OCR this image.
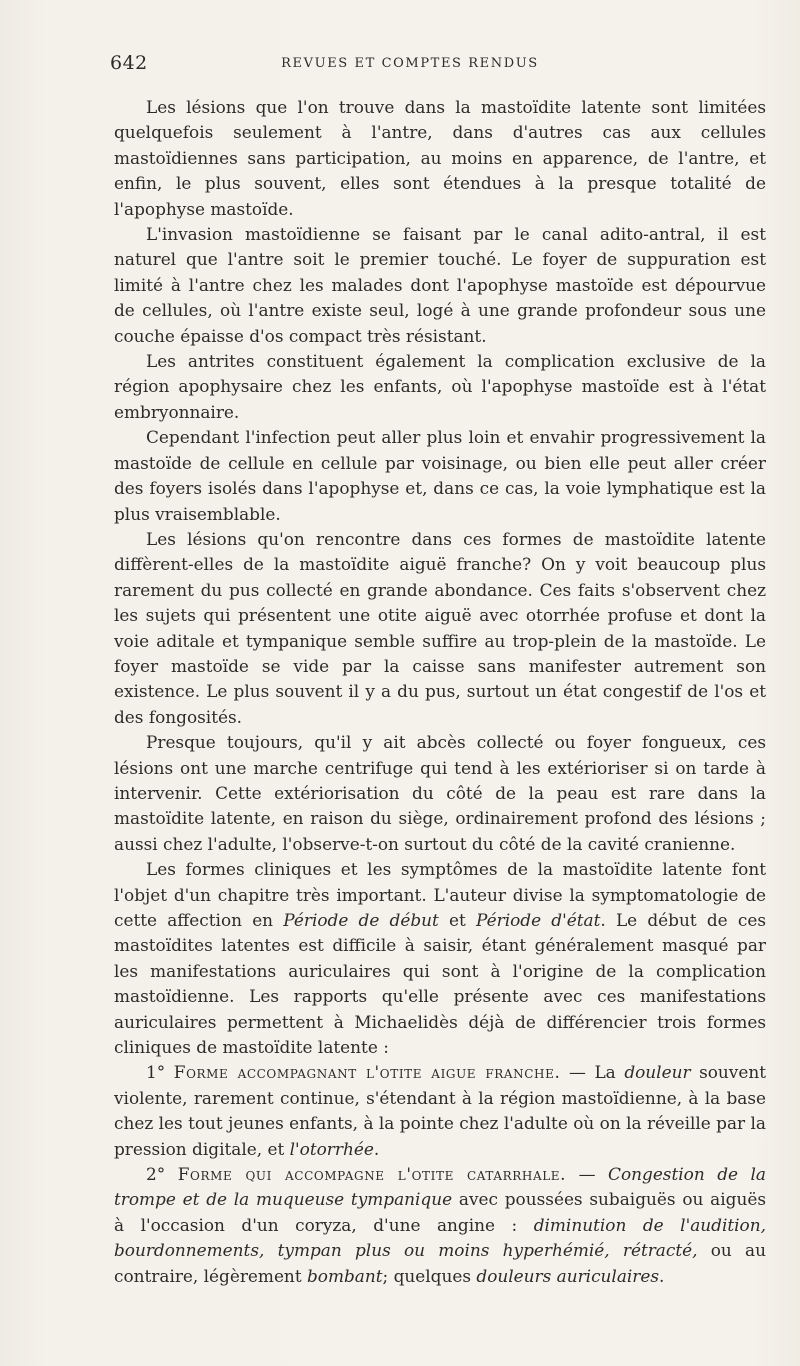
642	REVUES ET COMPTES RENDUS

Les lésions que l'on trouve dans la mastoïdite latente sont limitées quelquefois seulement à l'antre, dans d'autres cas aux cellules mastoïdiennes sans participation, au moins en apparence, de l'antre, et enfin, le plus souvent, elles sont étendues à la presque totalité de l'apophyse mastoïde.

L'invasion mastoïdienne se faisant par le canal adito-antral, il est naturel que l'antre soit le premier touché. Le foyer de suppuration est limité à l'antre chez les malades dont l'apophyse mastoïde est dépourvue de cellules, où l'antre existe seul, logé à une grande profondeur sous une couche épaisse d'os compact très résistant.

Les antrites constituent également la complication exclusive de la région apophysaire chez les enfants, où l'apophyse mastoïde est à l'état embryonnaire.

Cependant l'infection peut aller plus loin et envahir progressivement la mastoïde de cellule en cellule par voisinage, ou bien elle peut aller créer des foyers isolés dans l'apophyse et, dans ce cas, la voie lymphatique est la plus vraisemblable.

Les lésions qu'on rencontre dans ces formes de mastoïdite latente diffèrent-elles de la mastoïdite aiguë franche? On y voit beaucoup plus rarement du pus collecté en grande abondance. Ces faits s'observent chez les sujets qui présentent une otite aiguë avec otorrhée profuse et dont la voie aditale et tympanique semble suffire au trop-plein de la mastoïde. Le foyer mastoïde se vide par la caisse sans manifester autrement son existence. Le plus souvent il y a du pus, surtout un état congestif de l'os et des fongosités.

Presque toujours, qu'il y ait abcès collecté ou foyer fongueux, ces lésions ont une marche centrifuge qui tend à les extérioriser si on tarde à intervenir. Cette extériorisation du côté de la peau est rare dans la mastoïdite latente, en raison du siège, ordinairement profond des lésions ; aussi chez l'adulte, l'observe-t-on surtout du côté de la cavité cranienne.

Les formes cliniques et les symptômes de la mastoïdite latente font l'objet d'un chapitre très important. L'auteur divise la symptomatologie de cette affection en Période de début et Période d'état. Le début de ces mastoïdites latentes est difficile à saisir, étant généralement masqué par les manifestations auriculaires qui sont à l'origine de la complication mastoïdienne. Les rapports qu'elle présente avec ces manifestations auriculaires permettent à Michaelidès déjà de différencier trois formes cliniques de mastoïdite latente :

1° Forme accompagnant l'otite aigue franche. — La douleur souvent violente, rarement continue, s'étendant à la région mastoïdienne, à la base chez les tout jeunes enfants, à la pointe chez l'adulte où on la réveille par la pression digitale, et l'otorrhée.

2° Forme qui accompagne l'otite catarrhale. — Congestion de la trompe et de la muqueuse tympanique avec poussées subaiguës ou aiguës à l'occasion d'un coryza, d'une angine : diminution de l'audition, bourdonnements, tympan plus ou moins hyperhémié, rétracté, ou au contraire, légèrement bombant; quelques douleurs auriculaires.
